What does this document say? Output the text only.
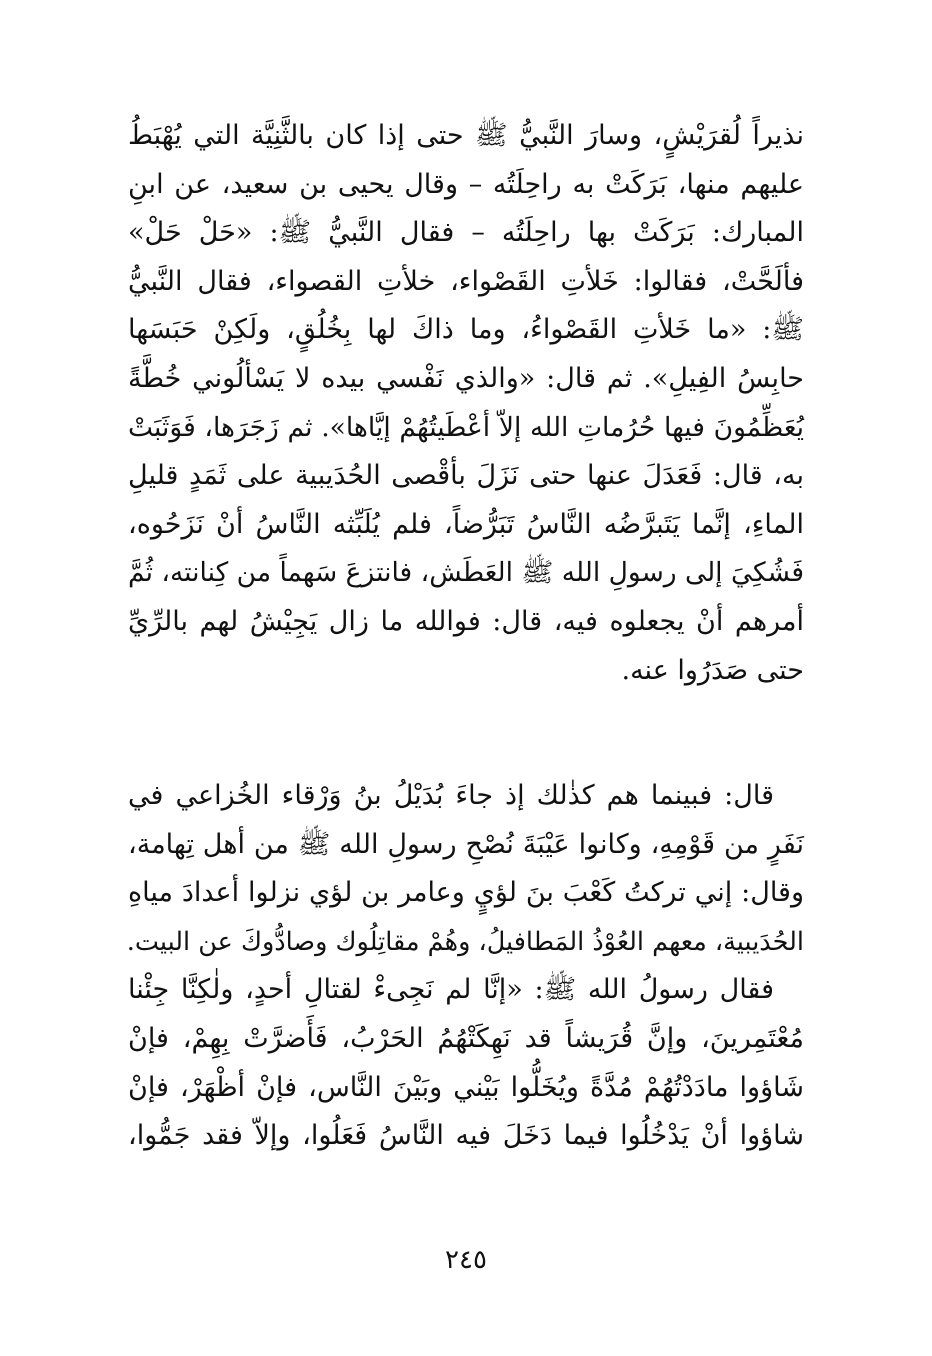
نذيراً لُقرَيْشٍ، وسارَ النَّبيُّ ﷺ حتى إذا كان بالثَّنِيَّة التي يُهْبَطُ
عليهم منها، بَرَكَتْ به راحِلَتُه – وقال يحيى بن سعيد، عن ابنِ
المبارك: بَرَكَتْ بها راحِلَتُه – فقال النَّبيُّ ﷺ: «حَلْ حَلْ»
فألَحَّتْ، فقالوا: خَلأتِ القَصْواء، خلأتِ القصواء، فقال النَّبيُّ
ﷺ: «ما خَلأتِ القَصْواءُ، وما ذاكَ لها بِخُلُقٍ، ولَكِنْ حَبَسَها
حابِسُ الفِيلِ». ثم قال: «والذي نَفْسي بيده لا يَسْألُوني خُطَّةً
يُعَظِّمُونَ فيها حُرُماتِ الله إلاّ أعْطَيتُهُمْ إيَّاها». ثم زَجَرَها، فَوَثَبَتْ
به، قال: فَعَدَلَ عنها حتى نَزَلَ بأقْصى الحُدَيبية على ثَمَدٍ قليلِ
الماءِ، إنَّما يَتَبرَّضُه النَّاسُ تَبَرُّضاً، فلم يُلَبِّثه النَّاسُ أنْ نَزَحُوه،
فَشُكِيَ إلى رسولِ الله ﷺ العَطَش، فانتزعَ سَهماً من كِنانته، ثُمَّ
أمرهم أنْ يجعلوه فيه، قال: فوالله ما زال يَجِيْشُ لهم بالرِّيِّ
حتى صَدَرُوا عنه.
قال: فبينما هم كذٰلك إذ جاءَ بُدَيْلُ بنُ وَرْقاء الخُزاعي في
نَفَرٍ من قَوْمِهِ، وكانوا عَيْبَةَ نُصْحِ رسولِ الله ﷺ من أهل تِهامة،
وقال: إني تركتُ كَعْبَ بنَ لؤيٍ وعامر بن لؤي نزلوا أعدادَ مياهِ
الحُدَيبية، معهم العُوْذُ المَطافيلُ، وهُمْ مقاتِلُوك وصادُّوكَ عن البيت.
فقال رسولُ الله ﷺ: «إنَّا لم نَجِىءْ لقتالِ أحدٍ، ولٰكِنَّا جِئْنا
مُعْتَمِرينَ، وإنَّ قُرَيشاً قد نَهِكَتْهُمُ الحَرْبُ، فَأَضرَّتْ بِهِمْ، فإنْ
شَاؤوا مادَدْتُهُمْ مُدَّةً ويُخَلُّوا بَيْني وبَيْنَ النَّاس، فإنْ أظْهَرْ، فإنْ
شاؤوا أنْ يَدْخُلُوا فيما دَخَلَ فيه النَّاسُ فَعَلُوا، وإلاّ فقد جَمُّوا،
٢٤٥
